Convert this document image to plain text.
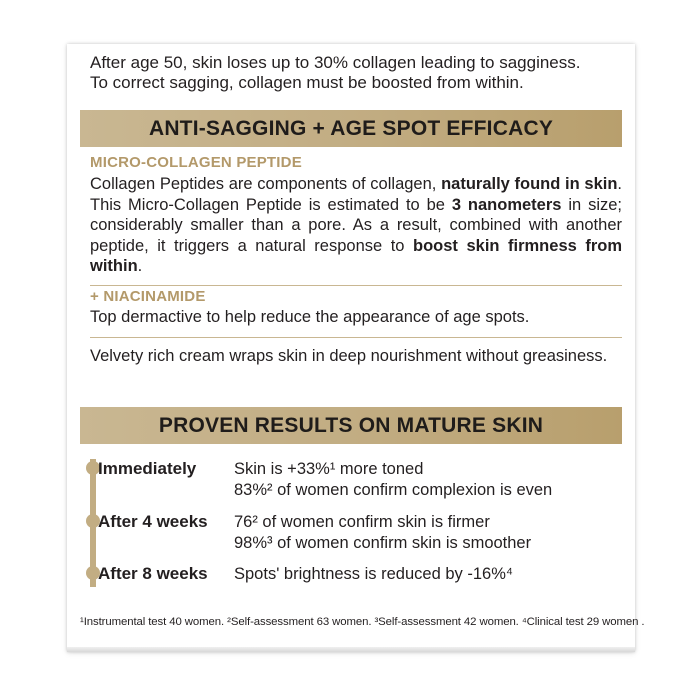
After age 50, skin loses up to 30% collagen leading to sagginess.
To correct sagging, collagen must be boosted from within.
ANTI-SAGGING + AGE SPOT EFFICACY
MICRO-COLLAGEN PEPTIDE
Collagen Peptides are components of collagen, naturally found in skin. This Micro-Collagen Peptide is estimated to be 3 nanometers in size; considerably smaller than a pore. As a result, combined with another peptide, it triggers a natural response to boost skin firmness from within.
+ NIACINAMIDE
Top dermactive to help reduce the appearance of age spots.
Velvety rich cream wraps skin in deep nourishment without greasiness.
PROVEN RESULTS ON MATURE SKIN
Immediately Skin is +33%¹ more toned
83%² of women confirm complexion is even
After 4 weeks 76² of women confirm skin is firmer
98%³ of women confirm skin is smoother
After 8 weeks Spots' brightness is reduced by -16%⁴
¹Instrumental test 40 women. ²Self-assessment 63 women. ³Self-assessment 42 women. ⁴Clinical test 29 women .
